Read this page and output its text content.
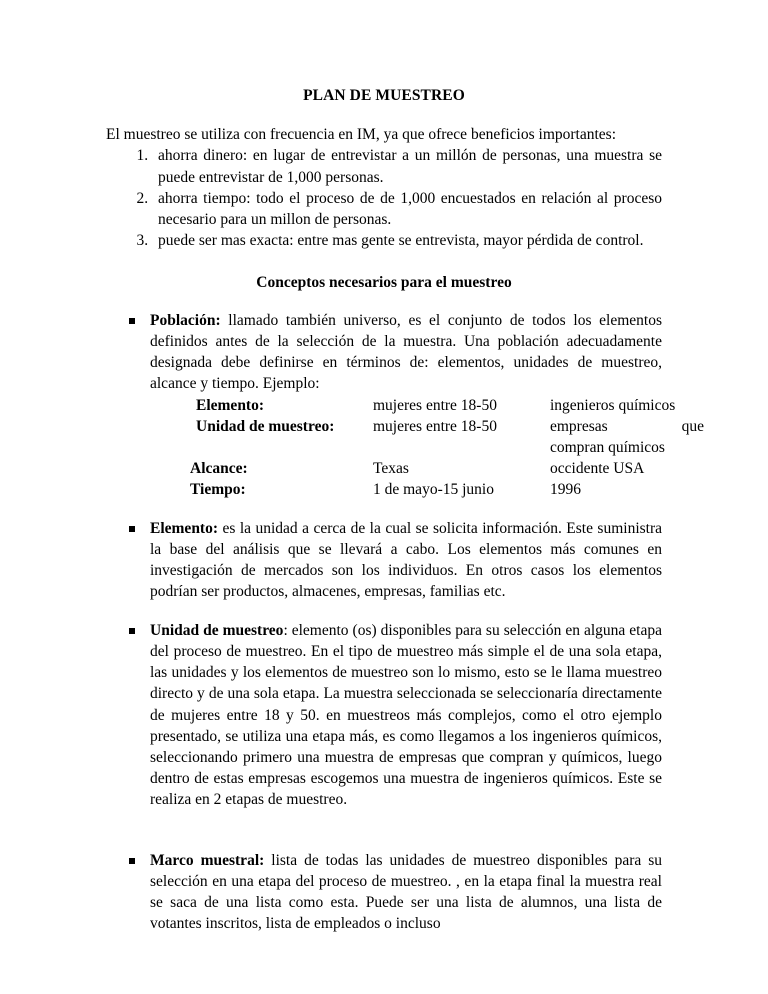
PLAN DE MUESTREO

El muestreo se utiliza con frecuencia en IM, ya que ofrece beneficios importantes:

1. ahorra dinero: en lugar de entrevistar a un millón de personas, una muestra se puede entrevistar de 1,000 personas.
2. ahorra tiempo: todo el proceso de de 1,000 encuestados en relación al proceso necesario para un millon de personas.
3. puede ser mas exacta: entre mas gente se entrevista, mayor pérdida de control.
Conceptos necesarios para el muestreo
Población: llamado también universo, es el conjunto de todos los elementos definidos antes de la selección de la muestra. Una población adecuadamente designada debe definirse en términos de: elementos, unidades de muestreo, alcance y tiempo. Ejemplo:
Elemento:	mujeres entre 18-50	ingenieros químicos
Unidad de muestreo:	mujeres entre 18-50	empresas que
compran químicos
Alcance:	Texas	occidente USA
Tiempo:	1 de mayo-15 junio	1996
Elemento: es la unidad a cerca de la cual se solicita información. Este suministra la base del análisis que se llevará a cabo. Los elementos más comunes en investigación de mercados son los individuos. En otros casos los elementos podrían ser productos, almacenes, empresas, familias etc.
Unidad de muestreo: elemento (os) disponibles para su selección en alguna etapa del proceso de muestreo. En el tipo de muestreo más simple el de una sola etapa, las unidades y los elementos de muestreo son lo mismo, esto se le llama muestreo directo y de una sola etapa. La muestra seleccionada se seleccionaría directamente de mujeres entre 18 y 50. en muestreos más complejos, como el otro ejemplo presentado, se utiliza una etapa más, es como llegamos a los ingenieros químicos, seleccionando primero una muestra de empresas que compran y químicos, luego dentro de estas empresas escogemos una muestra de ingenieros químicos. Este se realiza en 2 etapas de muestreo.
Marco muestral: lista de todas las unidades de muestreo disponibles para su selección en una etapa del proceso de muestreo. , en la etapa final la muestra real se saca de una lista como esta. Puede ser una lista de alumnos, una lista de votantes inscritos, lista de empleados o incluso
